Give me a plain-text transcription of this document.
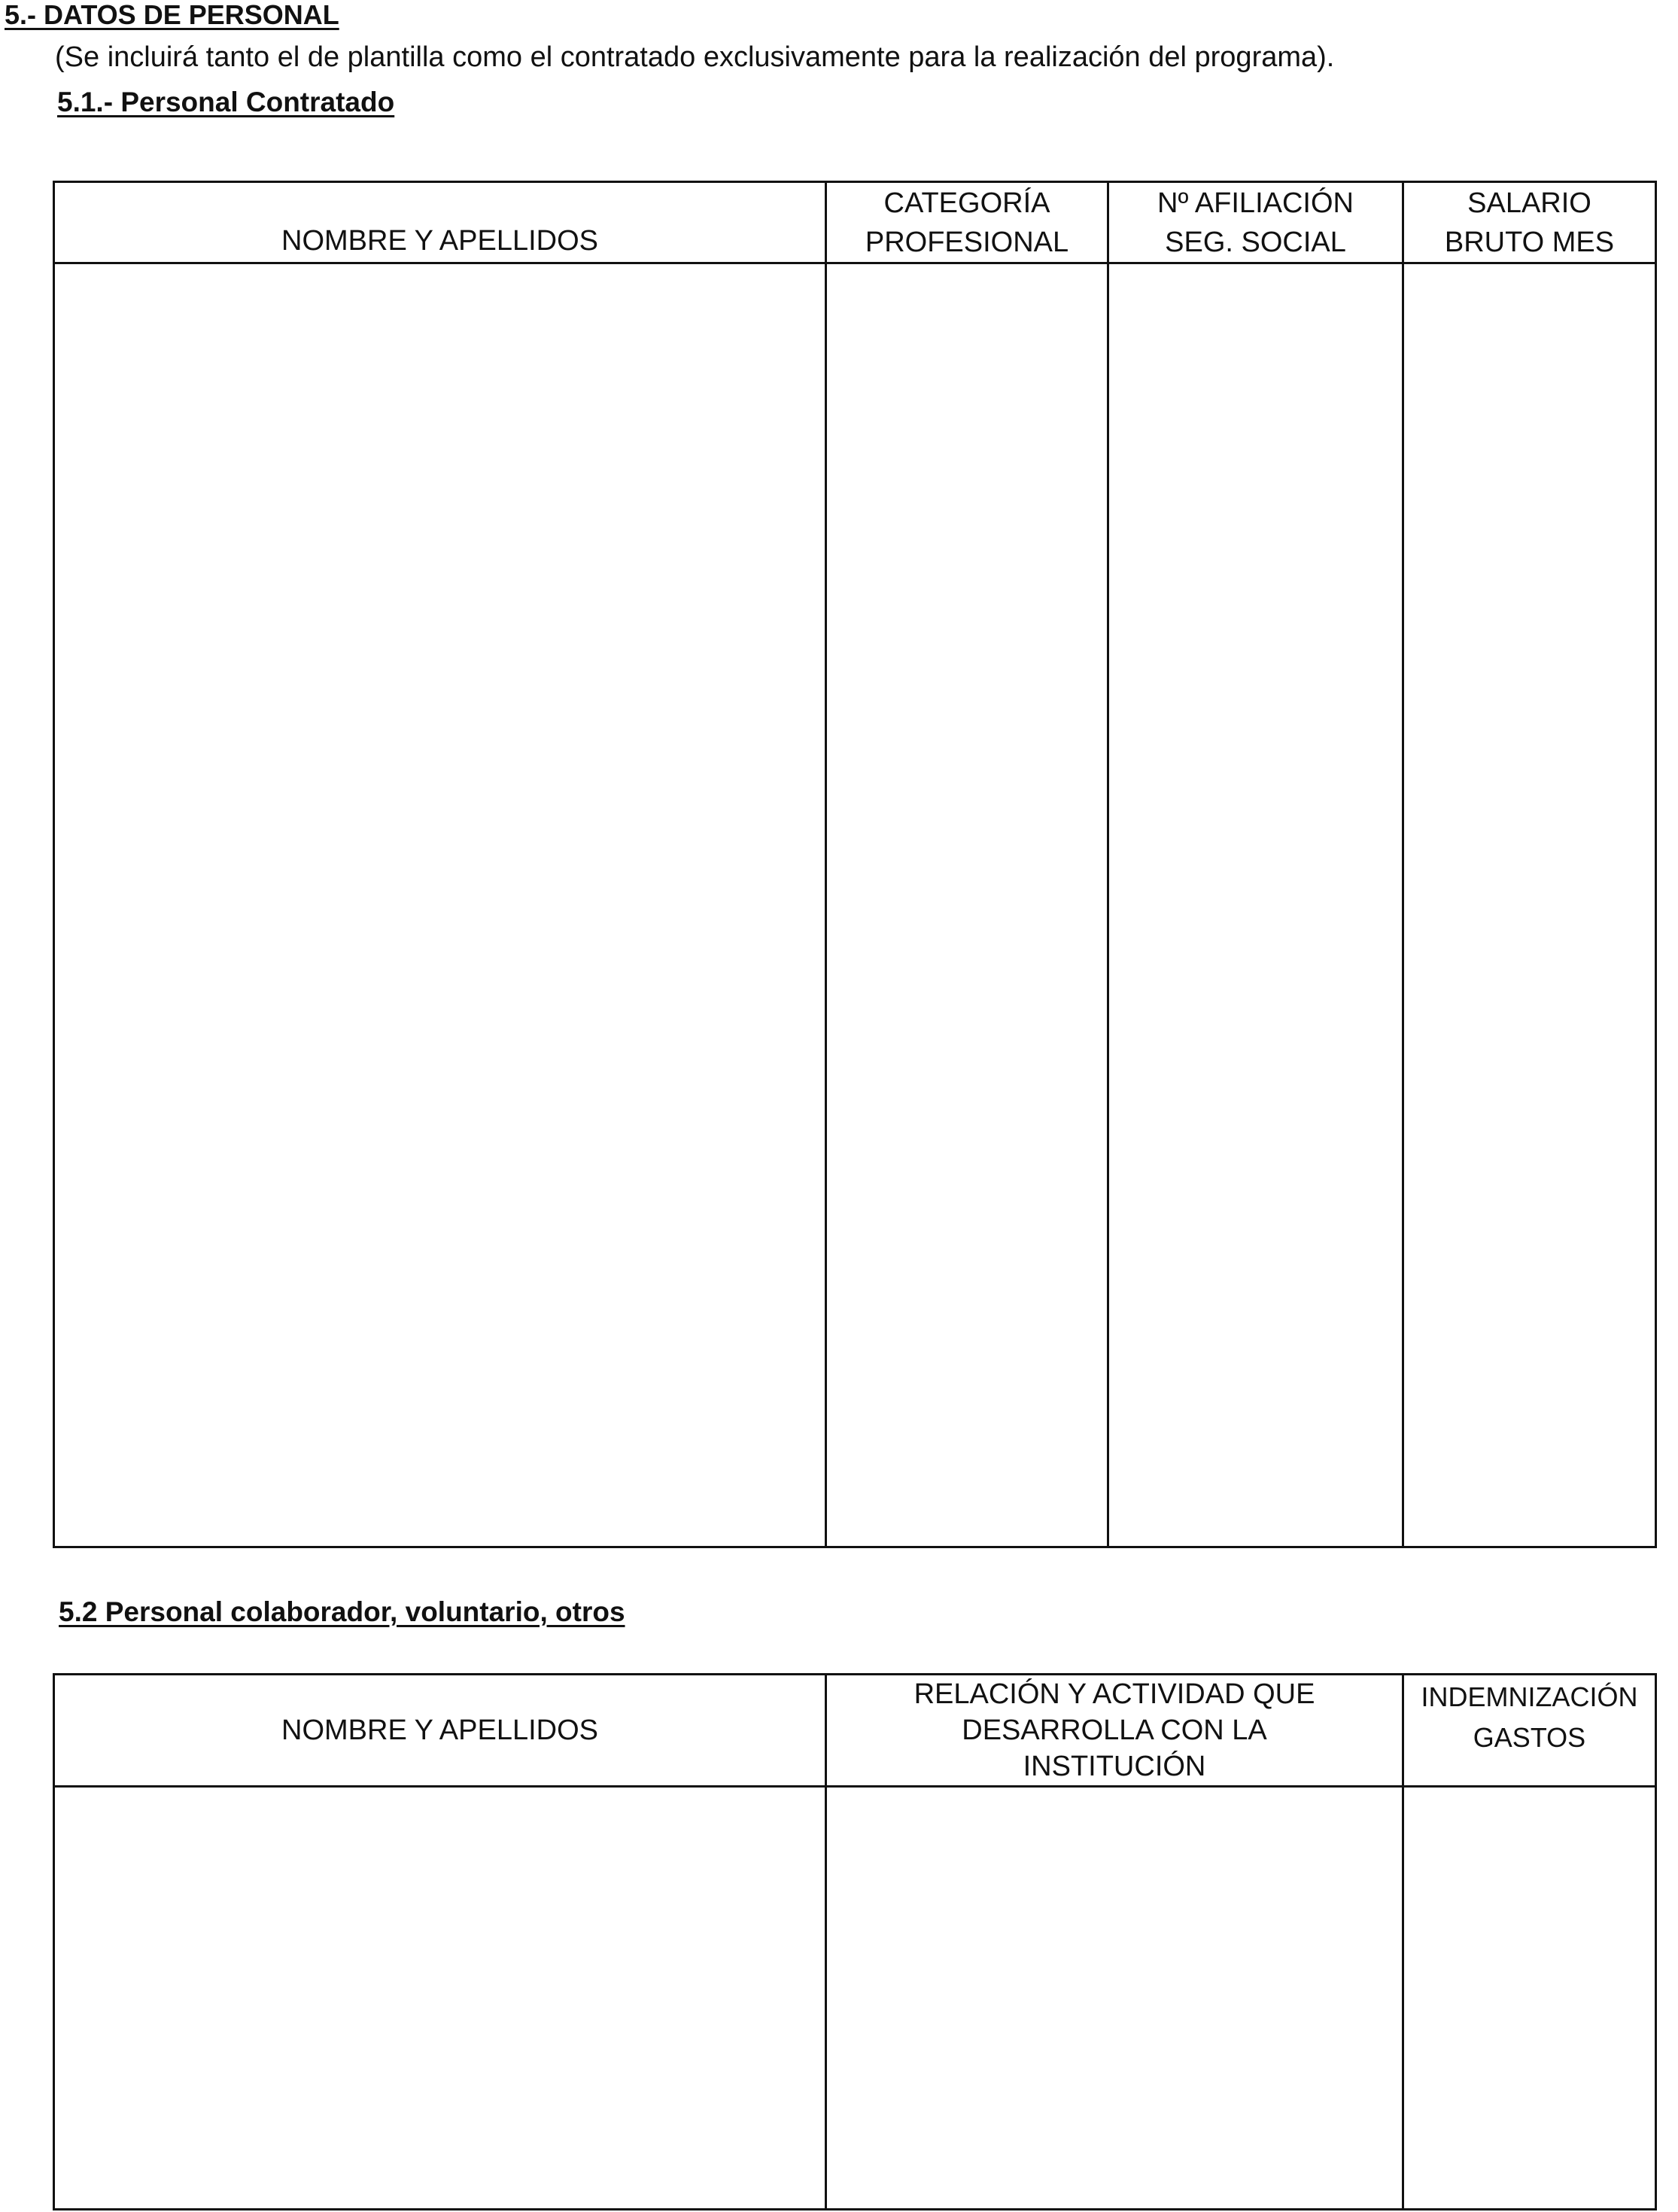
5.- DATOS DE PERSONAL
(Se incluirá tanto el de plantilla como el contratado exclusivamente para la realización del programa).
5.1.- Personal Contratado
NOMBRE Y APELLIDOS
CATEGORÍA
PROFESIONAL
Nº AFILIACIÓN
SEG. SOCIAL
SALARIO
BRUTO MES
5.2 Personal colaborador, voluntario, otros
NOMBRE Y APELLIDOS
RELACIÓN Y ACTIVIDAD QUE
DESARROLLA CON LA
INSTITUCIÓN
INDEMNIZACIÓN
GASTOS
